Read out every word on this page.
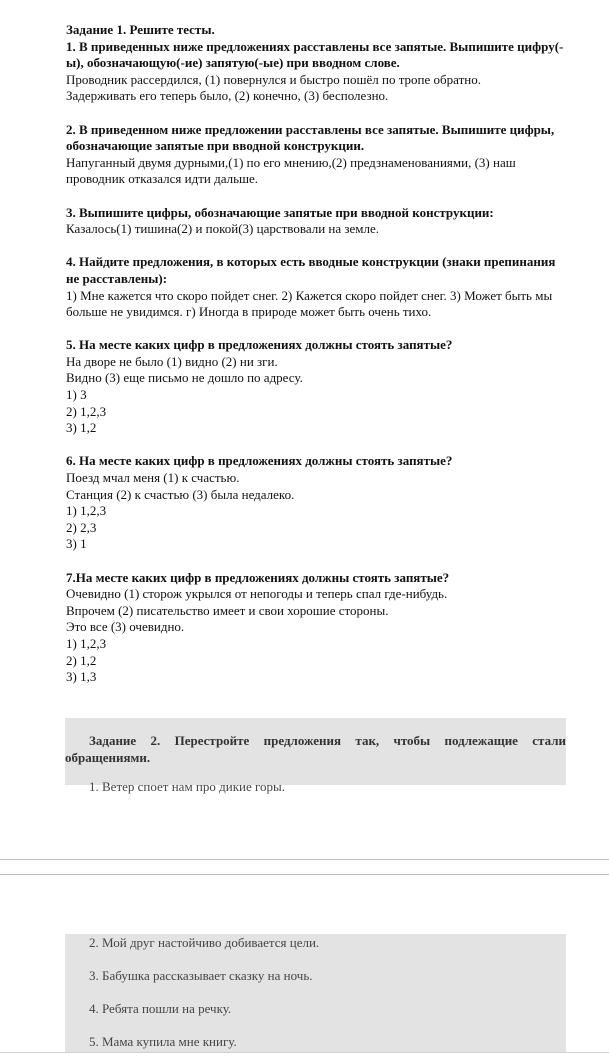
Задание 1. Решите тесты.

1. В приведенных ниже предложениях расставлены все запятые. Выпишите цифру(-ы), обозначающую(-ие) запятую(-ые) при вводном слове.

Проводник рассердился, (1) повернулся и быстро пошёл по тропе обратно.

Задерживать его теперь было, (2) конечно, (3) бесполезно.

2. В приведенном ниже предложении расставлены все запятые. Выпишите цифры, обозначающие запятые при вводной конструкции.

Напуганный двумя дурными,(1) по его мнению,(2) предзнаменованиями, (3) наш проводник отказался идти дальше.

3. Выпишите цифры, обозначающие запятые при вводной конструкции:

Казалось(1) тишина(2) и покой(3) царствовали на земле.

4. Найдите предложения, в которых есть вводные конструкции (знаки препинания не расставлены):

1) Мне кажется что скоро пойдет снег. 2) Кажется скоро пойдет снег. 3) Может быть мы больше не увидимся. г) Иногда в природе может быть очень тихо.

5. На месте каких цифр в предложениях должны стоять запятые?

На дворе не было (1) видно (2) ни зги.

Видно (3) еще письмо не дошло по адресу.

1) 3

2) 1,2,3

3) 1,2

6. На месте каких цифр в предложениях должны стоять запятые?

Поезд мчал меня (1) к счастью.

Станция (2) к счастью (3) была недалеко.

1) 1,2,3

2) 2,3

3) 1

7.На месте каких цифр в предложениях должны стоять запятые?

Очевидно (1) сторож укрылся от непогоды и теперь спал где-нибудь.

Впрочем (2) писательство имеет и свои хорошие стороны.

Это все (3) очевидно.

1) 1,2,3

2) 1,2

3) 1,3

Задание 2. Перестройте предложения так, чтобы подлежащие стали обращениями.

1. Ветер споет нам про дикие горы.

2. Мой друг настойчиво добивается цели.
3. Бабушка рассказывает сказку на ночь.
4. Ребята пошли на речку.
5. Мама купила мне книгу.
